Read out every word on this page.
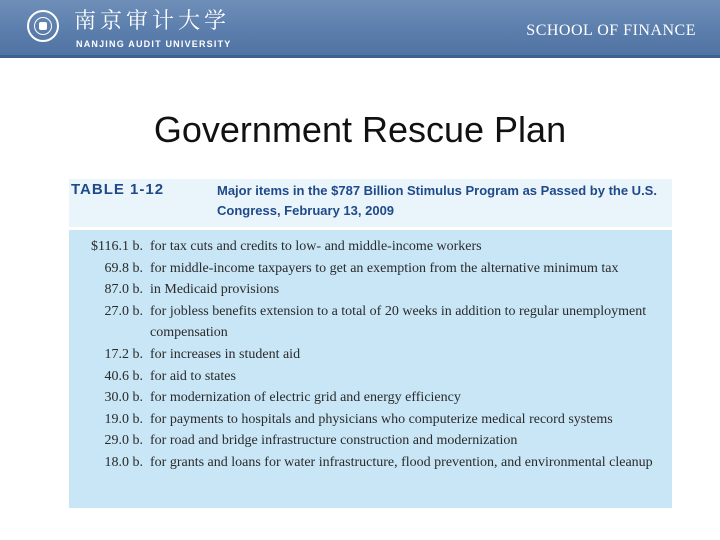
南京审计大学
NANJING AUDIT UNIVERSITY
SCHOOL OF FINANCE
Government Rescue Plan
TABLE 1-12	Major items in the $787 Billion Stimulus Program as Passed by the U.S. Congress, February 13, 2009
$116.1 b. for tax cuts and credits to low- and middle-income workers
69.8 b. for middle-income taxpayers to get an exemption from the alternative minimum tax
87.0 b. in Medicaid provisions
27.0 b. for jobless benefits extension to a total of 20 weeks in addition to regular unemployment compensation
17.2 b. for increases in student aid
40.6 b. for aid to states
30.0 b. for modernization of electric grid and energy efficiency
19.0 b. for payments to hospitals and physicians who computerize medical record systems
29.0 b. for road and bridge infrastructure construction and modernization
18.0 b. for grants and loans for water infrastructure, flood prevention, and environmental cleanup
